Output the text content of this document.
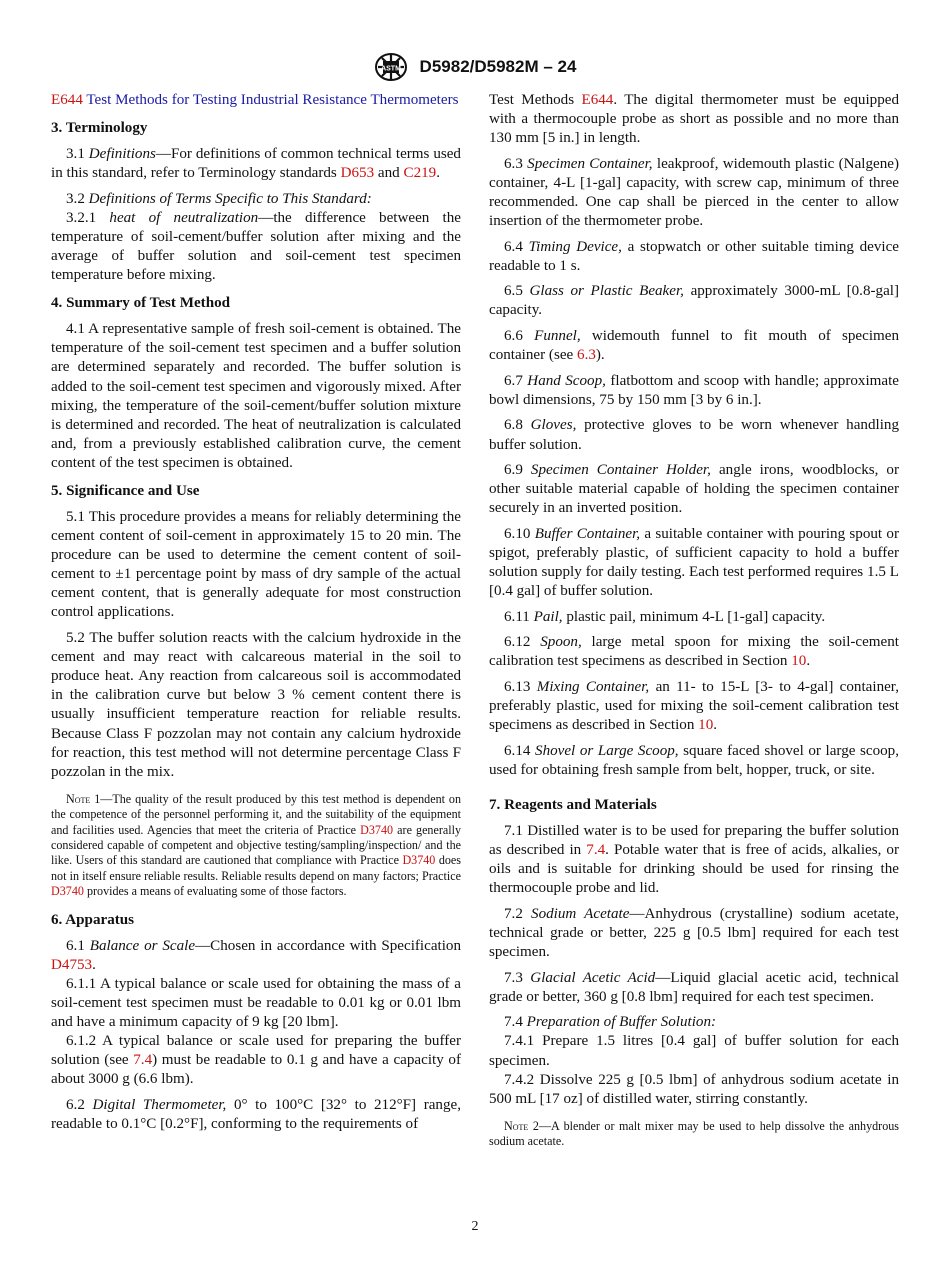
ASTM D5982/D5982M – 24
E644 Test Methods for Testing Industrial Resistance Thermometers
3. Terminology

3.1 Definitions—For definitions of common technical terms used in this standard, refer to Terminology standards D653 and C219.

3.2 Definitions of Terms Specific to This Standard:

3.2.1 heat of neutralization—the difference between the temperature of soil-cement/buffer solution after mixing and the average of buffer solution and soil-cement test specimen temperature before mixing.

4. Summary of Test Method

4.1 A representative sample of fresh soil-cement is obtained. The temperature of the soil-cement test specimen and a buffer solution are determined separately and recorded. The buffer solution is added to the soil-cement test specimen and vigorously mixed. After mixing, the temperature of the soil-cement/buffer solution mixture is determined and recorded. The heat of neutralization is calculated and, from a previously established calibration curve, the cement content of the test specimen is obtained.

5. Significance and Use

5.1 This procedure provides a means for reliably determining the cement content of soil-cement in approximately 15 to 20 min. The procedure can be used to determine the cement content of soil-cement to ±1 percentage point by mass of dry sample of the actual cement content, that is generally adequate for most construction control applications.

5.2 The buffer solution reacts with the calcium hydroxide in the cement and may react with calcareous material in the soil to produce heat. Any reaction from calcareous soil is accommodated in the calibration curve but below 3 % cement content there is usually insufficient temperature reaction for reliable results. Because Class F pozzolan may not contain any calcium hydroxide for reaction, this test method will not determine percentage Class F pozzolan in the mix.

Note 1—The quality of the result produced by this test method is dependent on the competence of the personnel performing it, and the suitability of the equipment and facilities used. Agencies that meet the criteria of Practice D3740 are generally considered capable of competent and objective testing/sampling/inspection/ and the like. Users of this standard are cautioned that compliance with Practice D3740 does not in itself ensure reliable results. Reliable results depend on many factors; Practice D3740 provides a means of evaluating some of those factors.

6. Apparatus

6.1 Balance or Scale—Chosen in accordance with Specification D4753.

6.1.1 A typical balance or scale used for obtaining the mass of a soil-cement test specimen must be readable to 0.01 kg or 0.01 lbm and have a minimum capacity of 9 kg [20 lbm].

6.1.2 A typical balance or scale used for preparing the buffer solution (see 7.4) must be readable to 0.1 g and have a capacity of about 3000 g (6.6 lbm).

6.2 Digital Thermometer, 0° to 100°C [32° to 212°F] range, readable to 0.1°C [0.2°F], conforming to the requirements of

Test Methods E644. The digital thermometer must be equipped with a thermocouple probe as short as possible and no more than 130 mm [5 in.] in length.

6.3 Specimen Container, leakproof, widemouth plastic (Nalgene) container, 4-L [1-gal] capacity, with screw cap, minimum of three recommended. One cap shall be pierced in the center to allow insertion of the thermometer probe.

6.4 Timing Device, a stopwatch or other suitable timing device readable to 1 s.

6.5 Glass or Plastic Beaker, approximately 3000-mL [0.8-gal] capacity.

6.6 Funnel, widemouth funnel to fit mouth of specimen container (see 6.3).

6.7 Hand Scoop, flatbottom and scoop with handle; approximate bowl dimensions, 75 by 150 mm [3 by 6 in.].

6.8 Gloves, protective gloves to be worn whenever handling buffer solution.

6.9 Specimen Container Holder, angle irons, woodblocks, or other suitable material capable of holding the specimen container securely in an inverted position.

6.10 Buffer Container, a suitable container with pouring spout or spigot, preferably plastic, of sufficient capacity to hold a buffer solution supply for daily testing. Each test performed requires 1.5 L [0.4 gal] of buffer solution.

6.11 Pail, plastic pail, minimum 4-L [1-gal] capacity.

6.12 Spoon, large metal spoon for mixing the soil-cement calibration test specimens as described in Section 10.

6.13 Mixing Container, an 11- to 15-L [3- to 4-gal] container, preferably plastic, used for mixing the soil-cement calibration test specimens as described in Section 10.

6.14 Shovel or Large Scoop, square faced shovel or large scoop, used for obtaining fresh sample from belt, hopper, truck, or site.

7. Reagents and Materials

7.1 Distilled water is to be used for preparing the buffer solution as described in 7.4. Potable water that is free of acids, alkalies, or oils and is suitable for drinking should be used for rinsing the thermocouple probe and lid.

7.2 Sodium Acetate—Anhydrous (crystalline) sodium acetate, technical grade or better, 225 g [0.5 lbm] required for each test specimen.

7.3 Glacial Acetic Acid—Liquid glacial acetic acid, technical grade or better, 360 g [0.8 lbm] required for each test specimen.

7.4 Preparation of Buffer Solution:

7.4.1 Prepare 1.5 litres [0.4 gal] of buffer solution for each specimen.

7.4.2 Dissolve 225 g [0.5 lbm] of anhydrous sodium acetate in 500 mL [17 oz] of distilled water, stirring constantly.

Note 2—A blender or malt mixer may be used to help dissolve the anhydrous sodium acetate.

2
